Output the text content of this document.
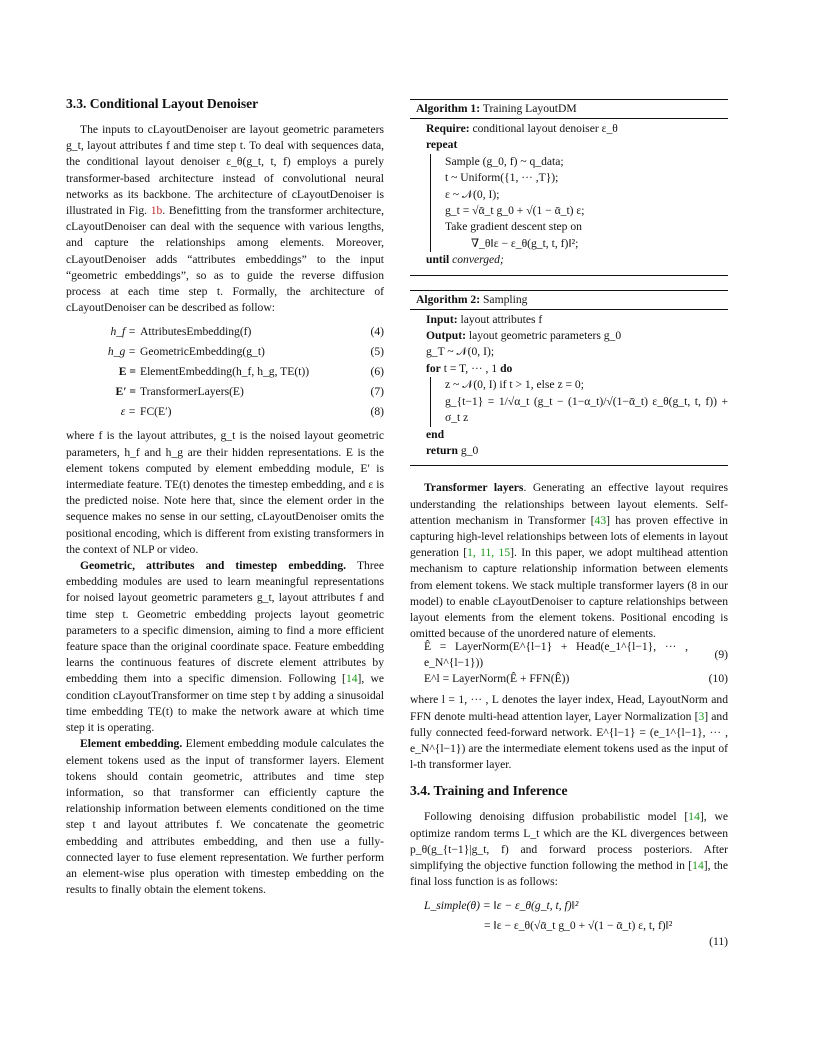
3.3. Conditional Layout Denoiser

The inputs to cLayoutDenoiser are layout geometric parameters g_t, layout attributes f and time step t. To deal with sequences data, the conditional layout denoiser ε_θ(g_t, t, f) employs a purely transformer-based architecture instead of convolutional neural networks as its backbone. The architecture of cLayoutDenoiser is illustrated in Fig. 1b. Benefitting from the transformer architecture, cLayoutDenoiser can deal with the sequence with various lengths, and capture the relationships among elements. Moreover, cLayoutDenoiser adds “attributes embeddings” to the input “geometric embeddings”, so as to guide the reverse diffusion process at each time step t. Formally, the architecture of cLayoutDenoiser can be described as follow:

h_f = AttributesEmbedding(f)	(4)
h_g = GeometricEmbedding(g_t)	(5)
E = ElementEmbedding(h_f, h_g, TE(t))	(6)
E′ = TransformerLayers(E)	(7)
ε = FC(E′)	(8)

where f is the layout attributes, g_t is the noised layout geometric parameters, h_f and h_g are their hidden representations. E is the element tokens computed by element embedding module, E′ is intermediate feature. TE(t) denotes the timestep embedding, and ε is the predicted noise. Note here that, since the element order in the sequence makes no sense in our setting, cLayoutDenoiser omits the positional encoding, which is different from existing transformers in the context of NLP or video.

Geometric, attributes and timestep embedding. Three embedding modules are used to learn meaningful representations for noised layout geometric parameters g_t, layout attributes f and time step t. Geometric embedding projects layout geometric parameters to a specific dimension, aiming to find a more efficient feature space than the original coordinate space. Feature embedding learns the continuous features of discrete element attributes by embedding them into a specific dimension. Following [14], we condition cLayoutTransformer on time step t by adding a sinusoidal time embedding TE(t) to make the network aware at which time step it is operating.

Element embedding. Element embedding module calculates the element tokens used as the input of transformer layers. Element tokens should contain geometric, attributes and time step information, so that transformer can efficiently capture the relationship information between elements conditioned on the time step t and layout attributes f. We concatenate the geometric embedding and attributes embedding, and then use a fully-connected layer to fuse element representation. We further perform an element-wise plus operation with timestep embedding on the results to finally obtain the element tokens.

Algorithm 1: Training LayoutDM
Require: conditional layout denoiser ε_θ
repeat
Sample (g_0, f) ~ q_data;
t ~ Uniform({1, ··· ,T});
ε ~ 𝒩(0, I);
g_t = √ᾱ_t g_0 + √(1 − ᾱ_t) ε;
Take gradient descent step on
∇_θ‖ε − ε_θ(g_t, t, f)‖²;
until converged;
Algorithm 2: Sampling
Input: layout attributes f
Output: layout geometric parameters g_0
g_T ~ 𝒩(0, I);
for t = T, ··· , 1 do
z ~ 𝒩(0, I) if t > 1, else z = 0;
g_{t−1} = 1/√α_t (g_t − (1−α_t)/√(1−ᾱ_t) ε_θ(g_t, t, f)) + σ_t z
end
return g_0

Transformer layers. Generating an effective layout requires understanding the relationships between layout elements. Self-attention mechanism in Transformer [43] has proven effective in capturing high-level relationships between lots of elements in layout generation [1, 11, 15]. In this paper, we adopt multihead attention mechanism to capture relationship information between elements from element tokens. We stack multiple transformer layers (8 in our model) to enable cLayoutDenoiser to capture relationships between layout elements from the element tokens. Positional encoding is omitted because of the unordered nature of elements.

Ê = LayerNorm(E^{l−1} + Head(e_1^{l−1}, ··· , e_N^{l−1}))
(9)
E^l = LayerNorm(Ê + FFN(Ê))	(10)

where l = 1, ··· , L denotes the layer index, Head, LayoutNorm and FFN denote multi-head attention layer, Layer Normalization [3] and fully connected feed-forward network. E^{l−1} = (e_1^{l−1}, ··· , e_N^{l−1}) are the intermediate element tokens used as the input of l-th transformer layer.

3.4. Training and Inference

Following denoising diffusion probabilistic model [14], we optimize random terms L_t which are the KL divergences between p_θ(g_{t−1}|g_t, f) and forward process posteriors. After simplifying the objective function following the method in [14], the final loss function is as follows:

L_simple(θ) = ‖ε − ε_θ(g_t, t, f)‖²
= ‖ε − ε_θ(√ᾱ_t g_0 + √(1 − ᾱ_t) ε, t, f)‖²
(11)
